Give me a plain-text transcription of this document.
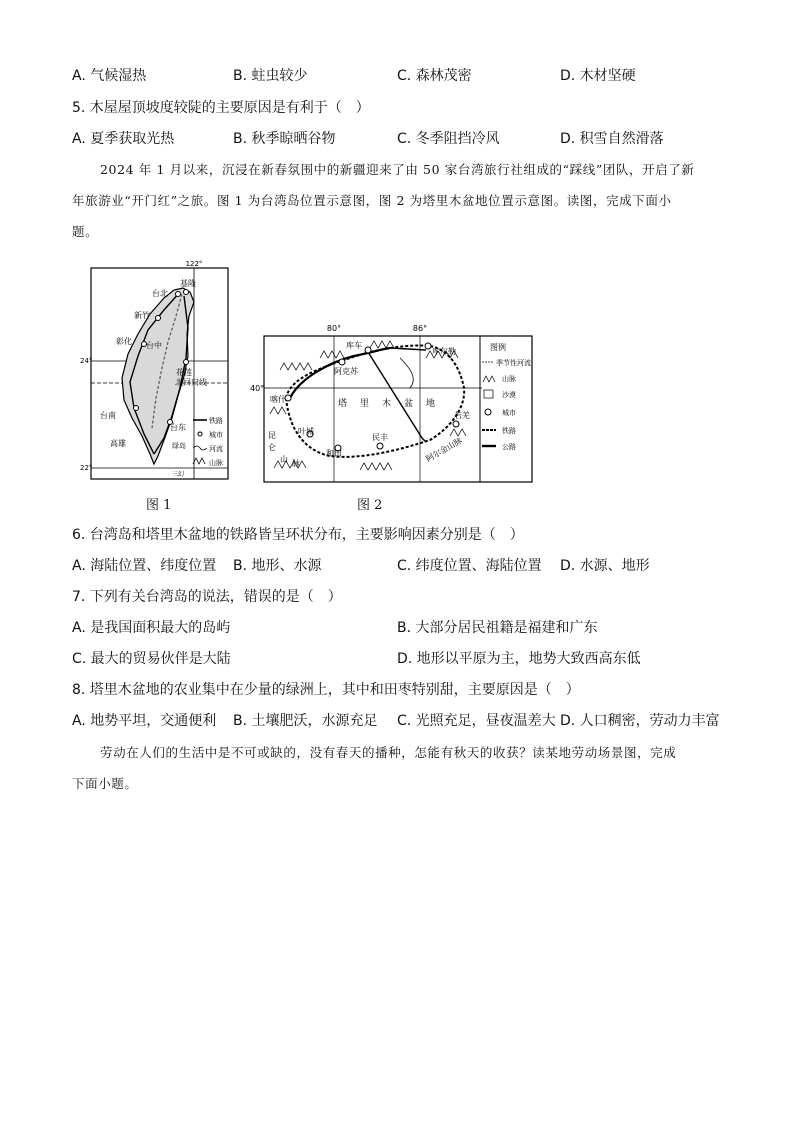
A. 气候湿热	B. 蛀虫较少	C. 森林茂密	D. 木材坚硬
5. 木屋屋顶坡度较陡的主要原因是有利于（　）
A. 夏季获取光热	B. 秋季晾晒谷物	C. 冬季阻挡冷风	D. 积雪自然滑落
2024 年 1 月以来，沉浸在新春氛围中的新疆迎来了由 50 家台湾旅行社组成的“踩线”团队，开启了新
年旅游业“开门红”之旅。图 1 为台湾岛位置示意图，图 2 为塔里木盆地位置示意图。读图，完成下面小
题。
122°
24°
22°
台北
基隆
新竹
彰化 台中
花莲
北回归线
台南
高雄
台东
绿岛
三幻
铁路
城市
河流
山脉
图 1
80°	86°
40°
库车
库尔勒
阿克苏
喀什	塔 里 木 盆 地
叶城
和田
民丰
若羌
昆
仑
山 脉	阿尔金山脉
图例
季节性河流
山脉
沙漠
城市
铁路
公路
图 2
6. 台湾岛和塔里木盆地的铁路皆呈环状分布，主要影响因素分别是（　）
A. 海陆位置、纬度位置 B. 地形、水源	C. 纬度位置、海陆位置 D. 水源、地形
7. 下列有关台湾岛的说法，错误的是（　）
A. 是我国面积最大的岛屿	B. 大部分居民祖籍是福建和广东
C. 最大的贸易伙伴是大陆	D. 地形以平原为主，地势大致西高东低
8. 塔里木盆地的农业集中在少量的绿洲上，其中和田枣特别甜，主要原因是（　）
A. 地势平坦，交通便利 B. 土壤肥沃，水源充足 C. 光照充足，昼夜温差大 D. 人口稠密，劳动力丰富
劳动在人们的生活中是不可或缺的，没有春天的播种，怎能有秋天的收获？读某地劳动场景图，完成
下面小题。
